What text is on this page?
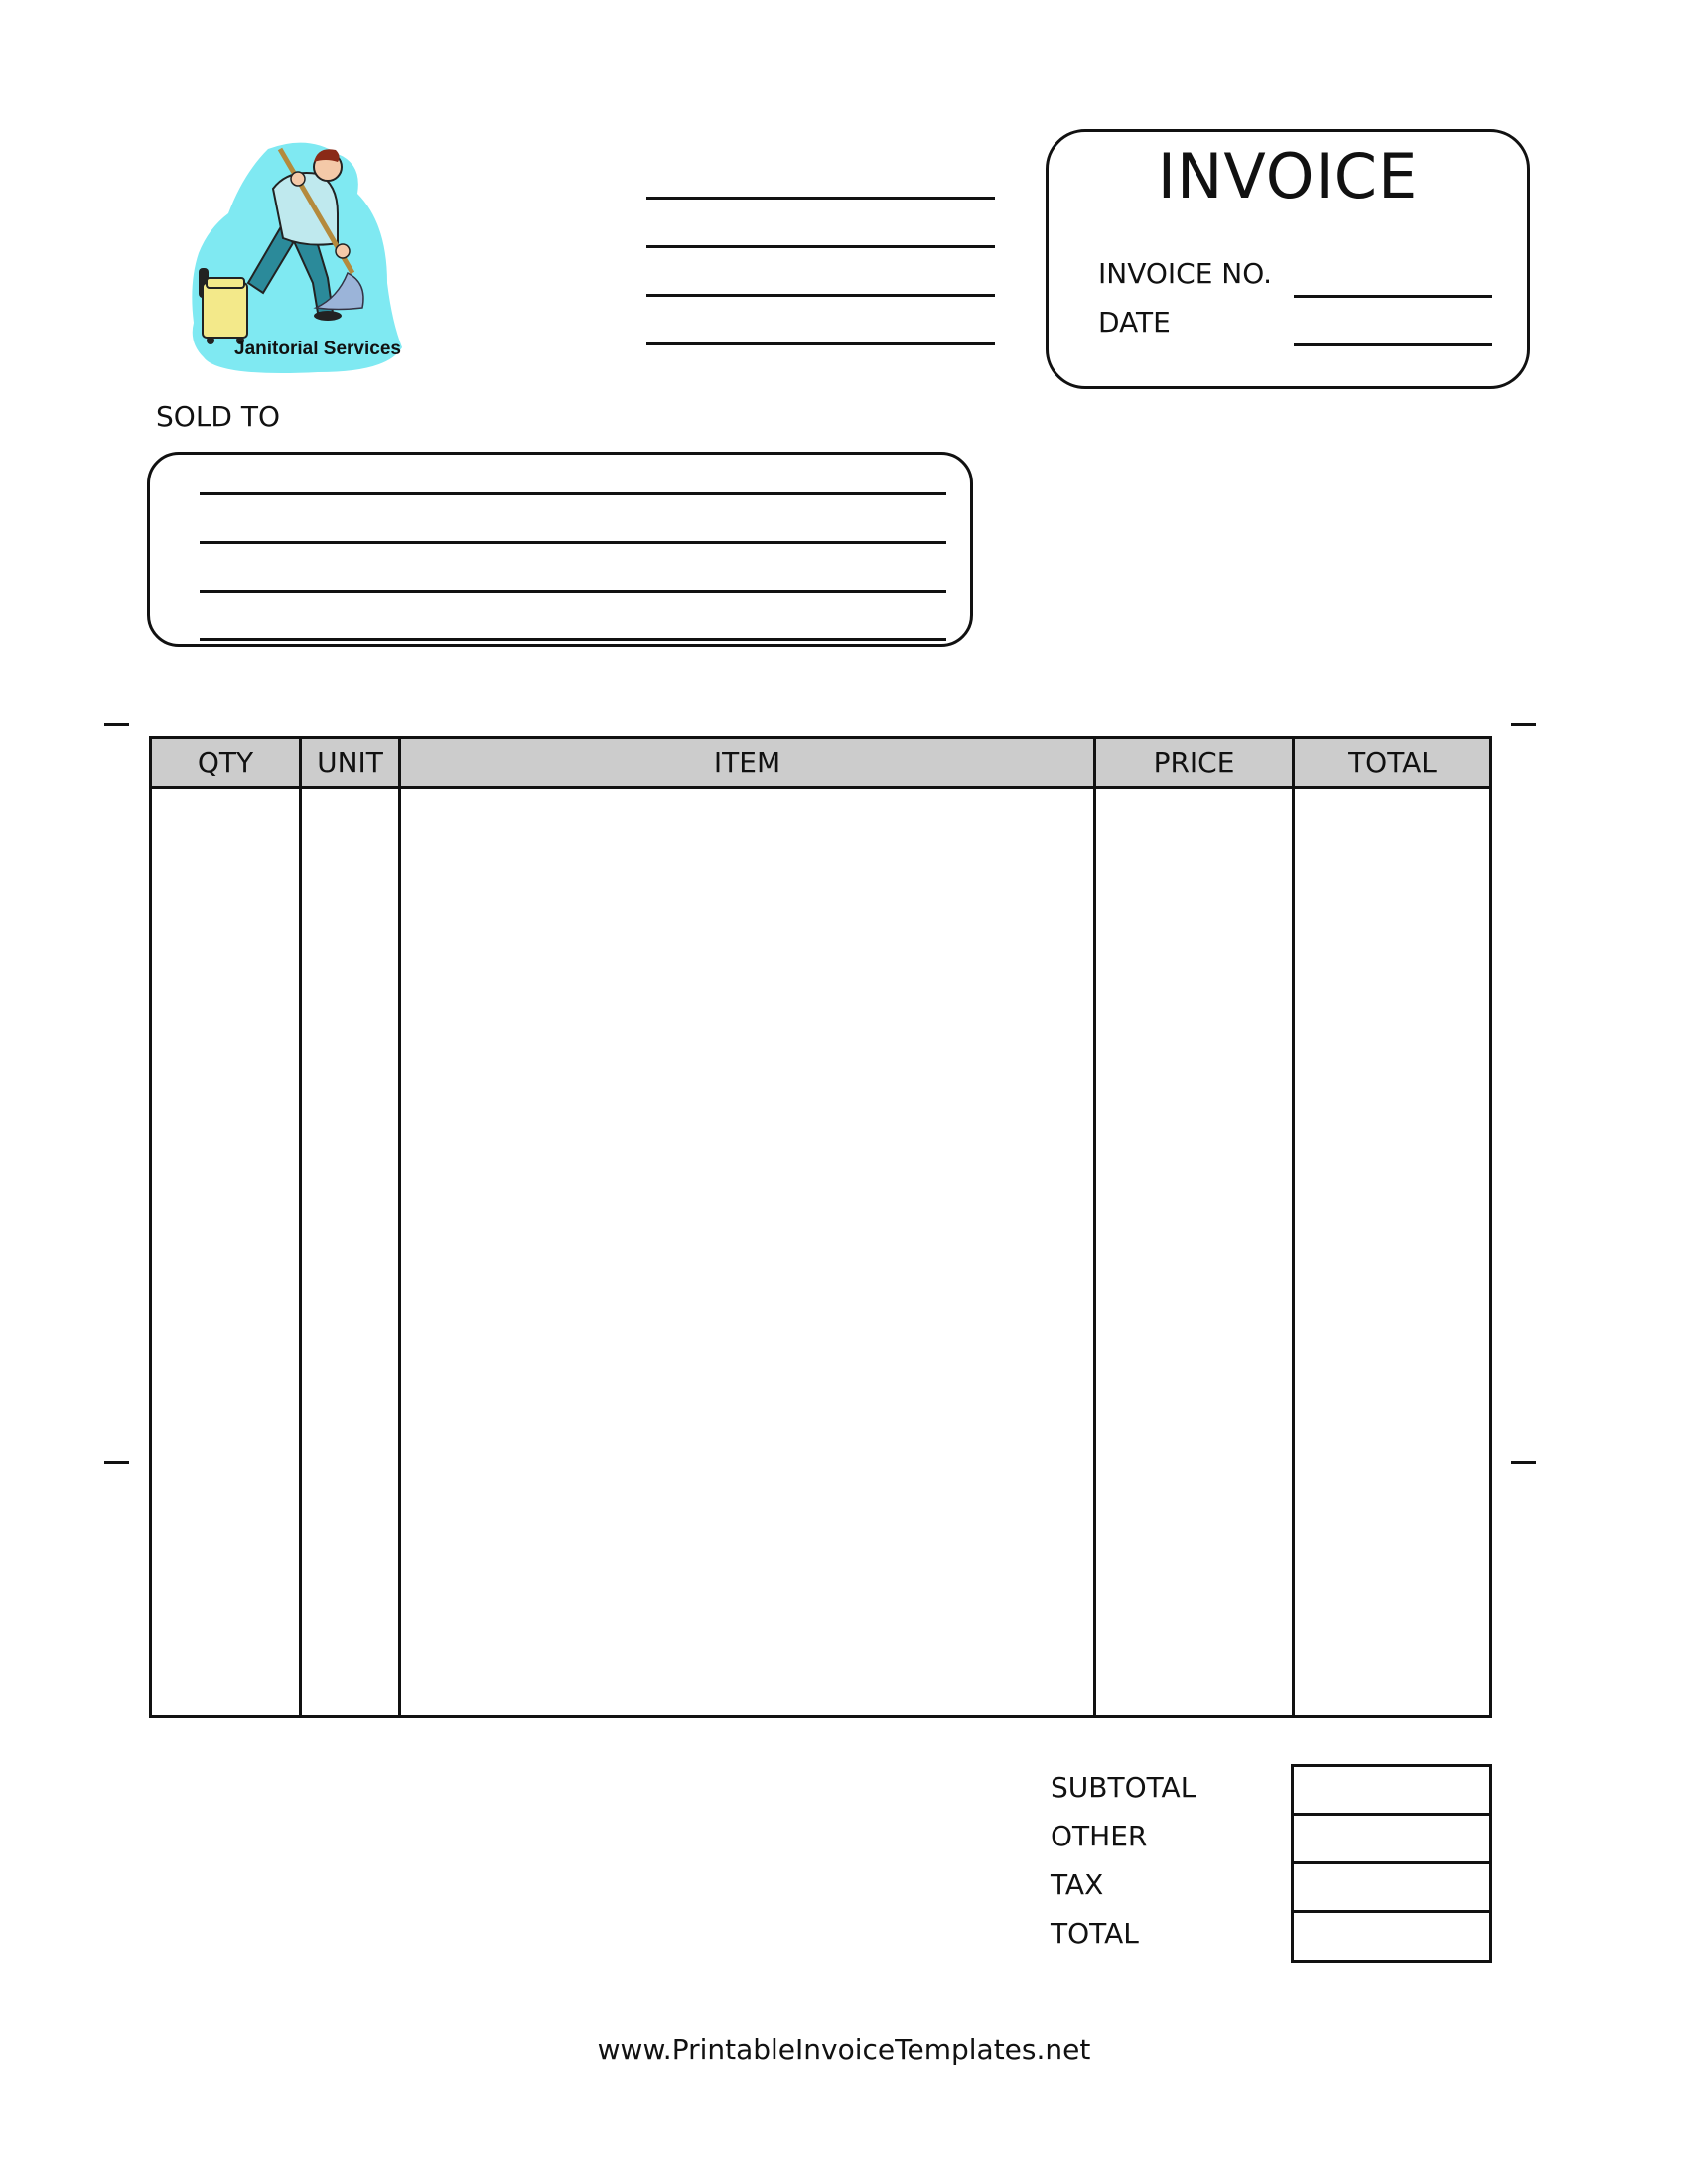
Janitorial Services
INVOICE
INVOICE NO.
DATE
SOLD TO
QTY	UNIT	ITEM	PRICE	TOTAL
SUBTOTAL
OTHER
TAX
TOTAL
www.PrintableInvoiceTemplates.net
